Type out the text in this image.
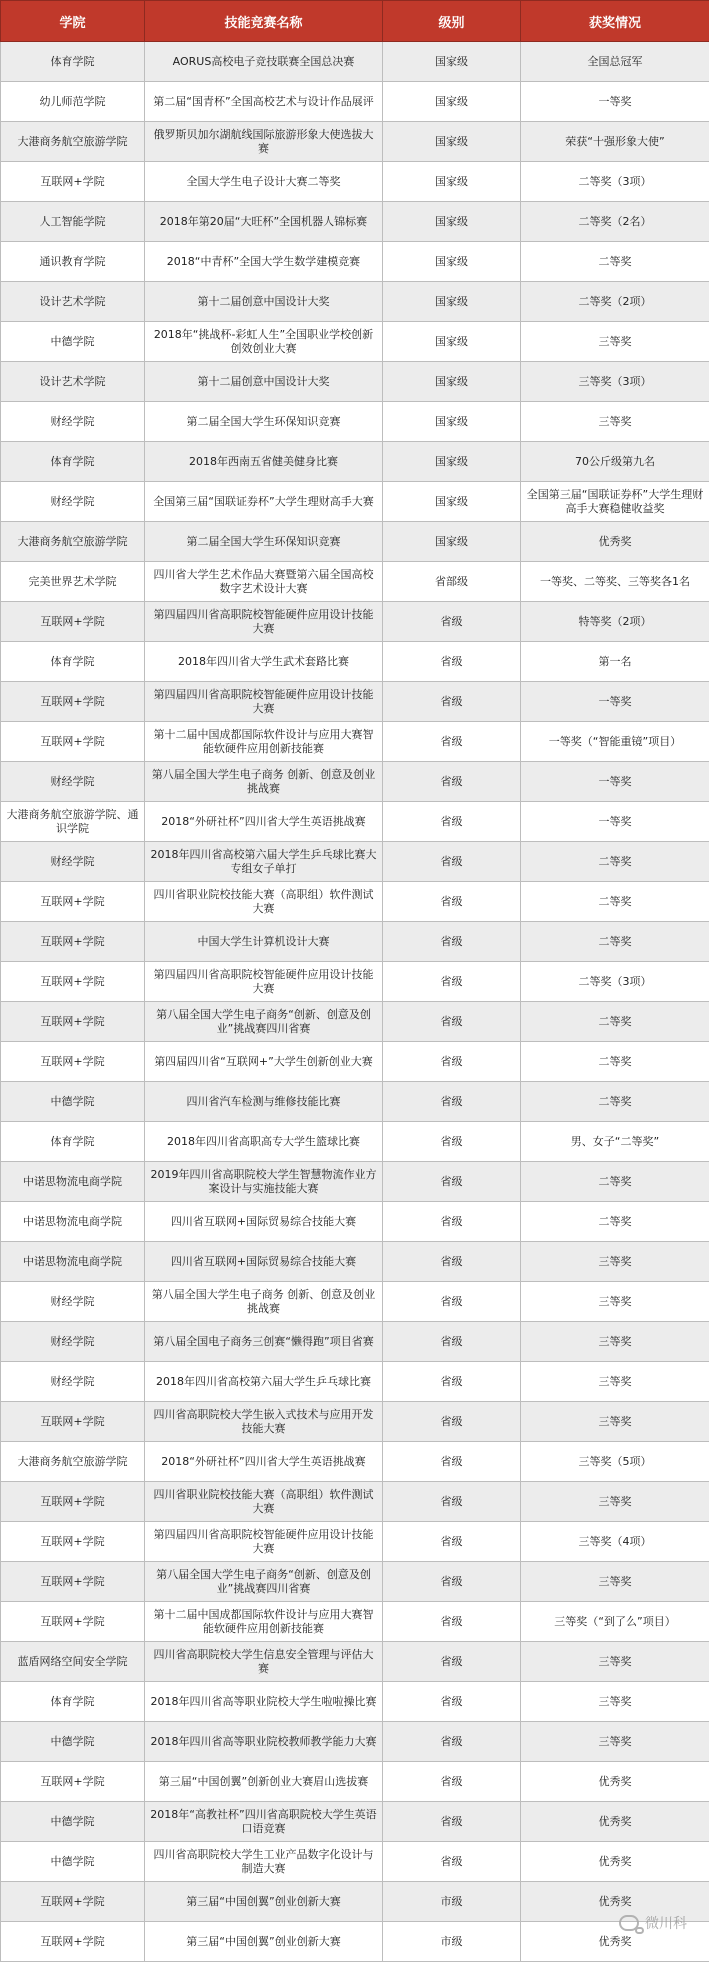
学院	技能竞赛名称	级别	获奖情况
体育学院	AORUS高校电子竞技联赛全国总决赛	国家级	全国总冠军
幼儿师范学院	第二届“国青杯”全国高校艺术与设计作品展评	国家级	一等奖
大港商务航空旅游学院	俄罗斯贝加尔湖航线国际旅游形象大使选拔大赛	国家级	荣获“十强形象大使”
互联网+学院	全国大学生电子设计大赛二等奖	国家级	二等奖（3项）
人工智能学院	2018年第20届“大旺杯”全国机器人锦标赛	国家级	二等奖（2名）
通识教育学院	2018“中青杯”全国大学生数学建模竞赛	国家级	二等奖
设计艺术学院	第十二届创意中国设计大奖	国家级	二等奖（2项）
中德学院	2018年“挑战杯-彩虹人生”全国职业学校创新创效创业大赛	国家级	三等奖
设计艺术学院	第十二届创意中国设计大奖	国家级	三等奖（3项）
财经学院	第二届全国大学生环保知识竞赛	国家级	三等奖
体育学院	2018年西南五省健美健身比赛	国家级	70公斤级第九名
财经学院	全国第三届“国联证券杯”大学生理财高手大赛	国家级	全国第三届“国联证券杯”大学生理财高手大赛稳健收益奖
大港商务航空旅游学院	第二届全国大学生环保知识竞赛	国家级	优秀奖
完美世界艺术学院	四川省大学生艺术作品大赛暨第六届全国高校数字艺术设计大赛	省部级	一等奖、二等奖、三等奖各1名
互联网+学院	第四届四川省高职院校智能硬件应用设计技能大赛	省级	特等奖（2项）
体育学院	2018年四川省大学生武术套路比赛	省级	第一名
互联网+学院	第四届四川省高职院校智能硬件应用设计技能大赛	省级	一等奖
互联网+学院	第十二届中国成都国际软件设计与应用大赛智能软硬件应用创新技能赛	省级	一等奖（“智能重镜”项目）
财经学院	第八届全国大学生电子商务 创新、创意及创业 挑战赛	省级	一等奖
大港商务航空旅游学院、通识学院	2018“外研社杯”四川省大学生英语挑战赛	省级	一等奖
财经学院	2018年四川省高校第六届大学生乒乓球比赛大专组女子单打	省级	二等奖
互联网+学院	四川省职业院校技能大赛（高职组）软件测试大赛	省级	二等奖
互联网+学院	中国大学生计算机设计大赛	省级	二等奖
互联网+学院	第四届四川省高职院校智能硬件应用设计技能大赛	省级	二等奖（3项）
互联网+学院	第八届全国大学生电子商务“创新、创意及创业”挑战赛四川省赛	省级	二等奖
互联网+学院	第四届四川省“互联网+”大学生创新创业大赛	省级	二等奖
中德学院	四川省汽车检测与维修技能比赛	省级	二等奖
体育学院	2018年四川省高职高专大学生篮球比赛	省级	男、女子“二等奖”
中诺思物流电商学院	2019年四川省高职院校大学生智慧物流作业方案设计与实施技能大赛	省级	二等奖
中诺思物流电商学院	四川省互联网+国际贸易综合技能大赛	省级	二等奖
中诺思物流电商学院	四川省互联网+国际贸易综合技能大赛	省级	三等奖
财经学院	第八届全国大学生电子商务 创新、创意及创业 挑战赛	省级	三等奖
财经学院	第八届全国电子商务三创赛“懒得跑”项目省赛	省级	三等奖
财经学院	2018年四川省高校第六届大学生乒乓球比赛	省级	三等奖
互联网+学院	四川省高职院校大学生嵌入式技术与应用开发技能大赛	省级	三等奖
大港商务航空旅游学院	2018“外研社杯”四川省大学生英语挑战赛	省级	三等奖（5项）
互联网+学院	四川省职业院校技能大赛（高职组）软件测试大赛	省级	三等奖
互联网+学院	第四届四川省高职院校智能硬件应用设计技能大赛	省级	三等奖（4项）
互联网+学院	第八届全国大学生电子商务“创新、创意及创业”挑战赛四川省赛	省级	三等奖
互联网+学院	第十二届中国成都国际软件设计与应用大赛智能软硬件应用创新技能赛	省级	三等奖（“到了么”项目）
蓝盾网络空间安全学院	四川省高职院校大学生信息安全管理与评估大赛	省级	三等奖
体育学院	2018年四川省高等职业院校大学生啦啦操比赛	省级	三等奖
中德学院	2018年四川省高等职业院校教师教学能力大赛	省级	三等奖
互联网+学院	第三届“中国创翼”创新创业大赛眉山选拔赛	省级	优秀奖
中德学院	2018年“高教社杯”四川省高职院校大学生英语口语竞赛	省级	优秀奖
中德学院	四川省高职院校大学生工业产品数字化设计与制造大赛	省级	优秀奖
互联网+学院	第三届“中国创翼”创业创新大赛	市级	优秀奖
互联网+学院	第三届“中国创翼”创业创新大赛	市级	优秀奖
微川科
